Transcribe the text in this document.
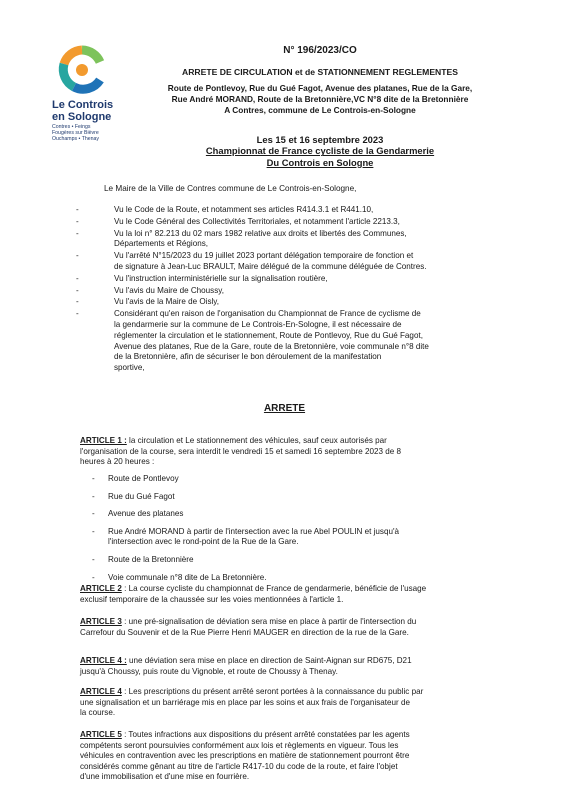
Le Controis
en Sologne
Contres • Feings
Fougères sur Bièvre
Ouchamps • Thenay
N° 196/2023/CO
ARRETE DE CIRCULATION et de STATIONNEMENT REGLEMENTES
Route de Pontlevoy, Rue du Gué Fagot, Avenue des platanes, Rue de la Gare,
Rue André MORAND, Route de la Bretonnière,VC N°8 dite de la Bretonnière
A Contres, commune de Le Controis-en-Sologne
Les 15 et 16 septembre 2023
Championnat de France cycliste de la Gendarmerie
Du Controis en Sologne
Le Maire de la Ville de Contres commune de Le Controis-en-Sologne,
-	Vu le Code de la Route, et notamment ses articles R414.3.1 et R441.10,
-	Vu le Code Général des Collectivités Territoriales, et notamment l'article 2213.3,
-	Vu la loi n° 82.213 du 02 mars 1982 relative aux droits et libertés des Communes,
Départements et Régions,
-	Vu l'arrêté N°15/2023 du 19 juillet 2023 portant délégation temporaire de fonction et
de signature à Jean-Luc BRAULT, Maire délégué de la commune déléguée de Contres.
-	Vu l'instruction interministérielle sur la signalisation routière,
-	Vu l'avis du Maire de Choussy,
-	Vu l'avis de la Maire de Oisly,
-	Considérant qu'en raison de l'organisation du Championnat de France de cyclisme de
la gendarmerie sur la commune de Le Controis-En-Sologne, il est nécessaire de
réglementer la circulation et le stationnement, Route de Pontlevoy, Rue du Gué Fagot,
Avenue des platanes, Rue de la Gare, route de la Bretonnière, voie communale n°8 dite
de la Bretonnière, afin de sécuriser le bon déroulement de la manifestation
sportive,
ARRETE
ARTICLE 1 : la circulation et Le stationnement des véhicules, sauf ceux autorisés par
l'organisation de la course, sera interdit le vendredi 15 et samedi 16 septembre 2023 de 8
heures à 20 heures :
- Route de Pontlevoy
- Rue du Gué Fagot
- Avenue des platanes
- Rue André MORAND à partir de l'intersection avec la rue Abel POULIN et jusqu'à
l'intersection avec le rond-point de la Rue de la Gare.
- Route de la Bretonnière
- Voie communale n°8 dite de La Bretonnière.
ARTICLE 2 : La course cycliste du championnat de France de gendarmerie, bénéficie de l'usage
exclusif temporaire de la chaussée sur les voies mentionnées à l'article 1.
ARTICLE 3 : une pré-signalisation de déviation sera mise en place à partir de l'intersection du
Carrefour du Souvenir et de la Rue Pierre Henri MAUGER en direction de la rue de la Gare.
ARTICLE 4 : une déviation sera mise en place en direction de Saint-Aignan sur RD675, D21
jusqu'à Choussy, puis route du Vignoble, et route de Choussy à Thenay.
ARTICLE 4 : Les prescriptions du présent arrêté seront portées à la connaissance du public par
une signalisation et un barriérage mis en place par les soins et aux frais de l'organisateur de
la course.
ARTICLE 5 : Toutes infractions aux dispositions du présent arrêté constatées par les agents
compétents seront poursuivies conformément aux lois et règlements en vigueur. Tous les
véhicules en contravention avec les prescriptions en matière de stationnement pourront être
considérés comme gênant au titre de l'article R417-10 du code de la route, et faire l'objet
d'une immobilisation et d'une mise en fourrière.
